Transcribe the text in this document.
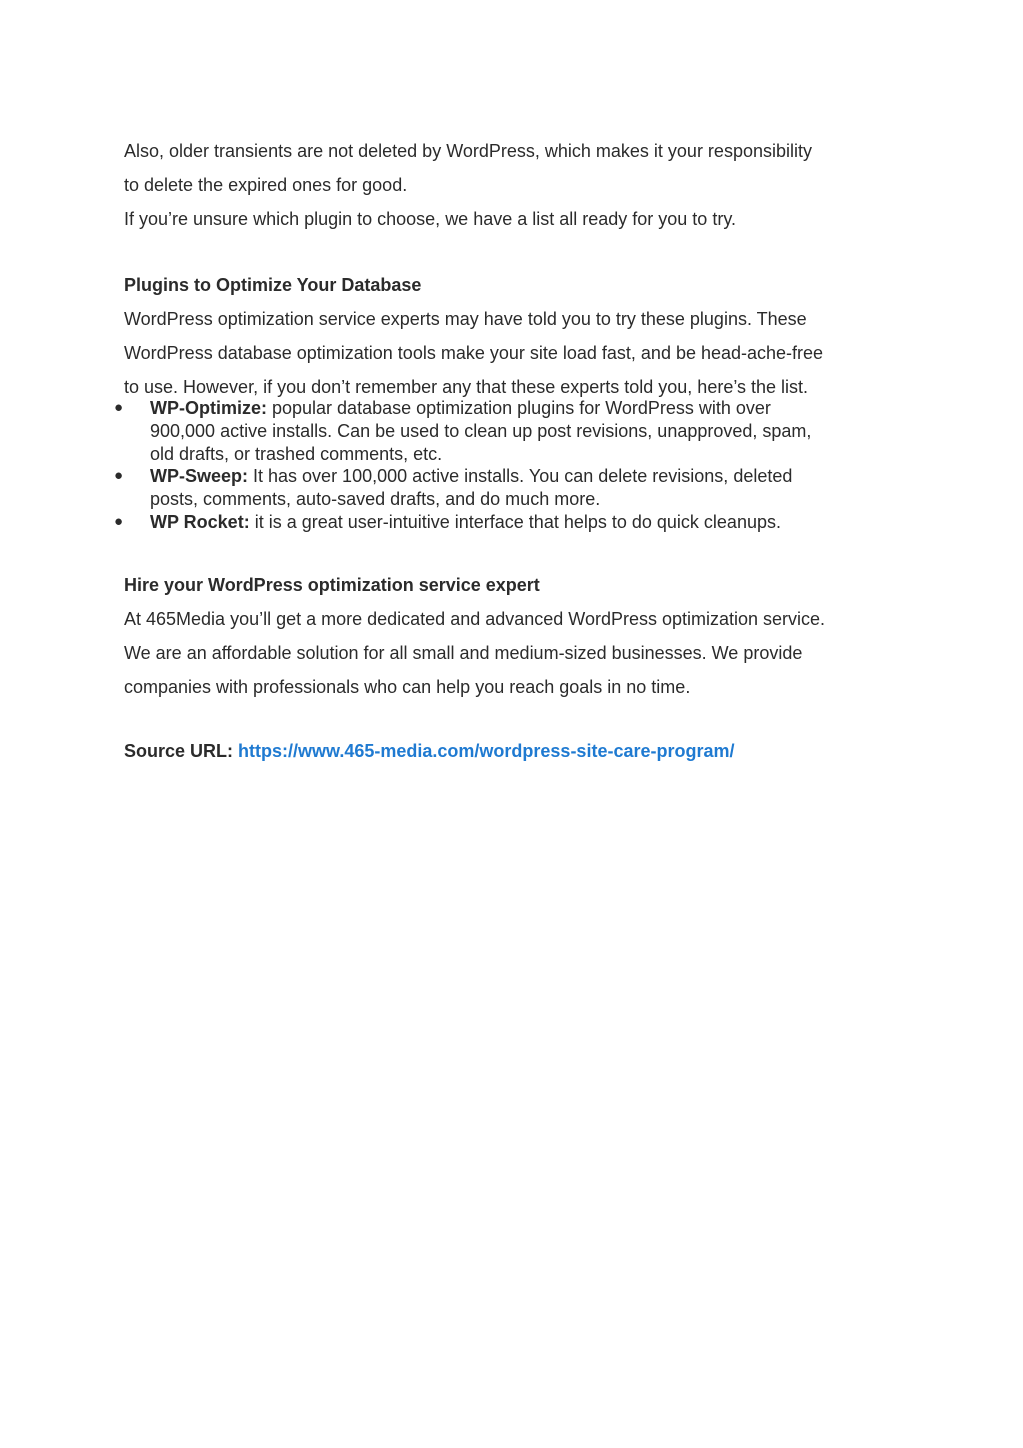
Also, older transients are not deleted by WordPress, which makes it your responsibility

to delete the expired ones for good.

If you’re unsure which plugin to choose, we have a list all ready for you to try.

Plugins to Optimize Your Database

WordPress optimization service experts may have told you to try these plugins. These

WordPress database optimization tools make your site load fast, and be head-ache-free

to use. However, if you don’t remember any that these experts told you, here’s the list.

● WP-Optimize: popular database optimization plugins for WordPress with over
900,000 active installs. Can be used to clean up post revisions, unapproved, spam,
old drafts, or trashed comments, etc.
● WP-Sweep: It has over 100,000 active installs. You can delete revisions, deleted
posts, comments, auto-saved drafts, and do much more.
● WP Rocket: it is a great user-intuitive interface that helps to do quick cleanups.
Hire your WordPress optimization service expert

At 465Media you’ll get a more dedicated and advanced WordPress optimization service.

We are an affordable solution for all small and medium-sized businesses. We provide

companies with professionals who can help you reach goals in no time.

Source URL: https://www.465-media.com/wordpress-site-care-program/
